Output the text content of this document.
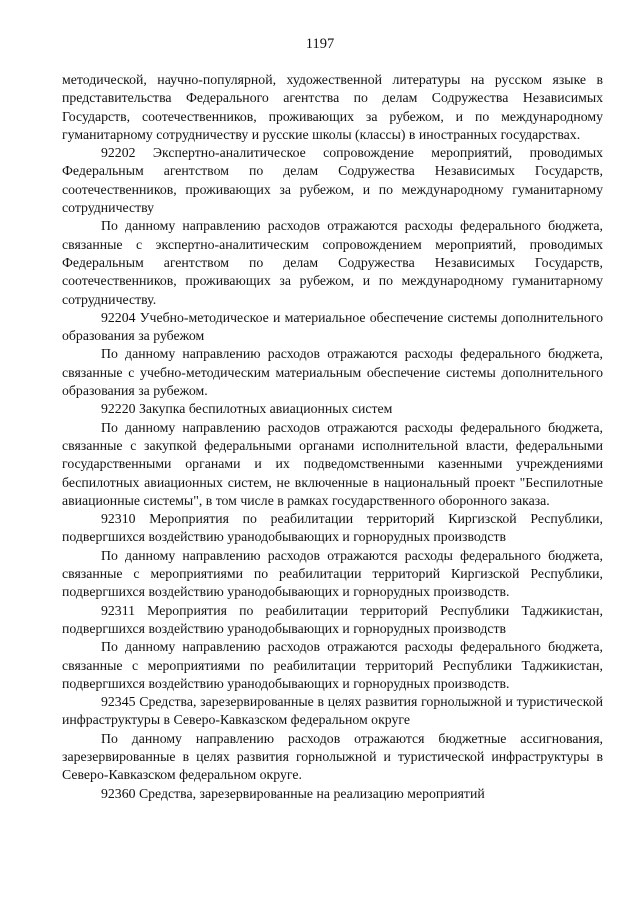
1197

методической, научно-популярной, художественной литературы на русском языке в представительства Федерального агентства по делам Содружества Независимых Государств, соотечественников, проживающих за рубежом, и по международному гуманитарному сотрудничеству и русские школы (классы) в иностранных государствах.

92202 Экспертно-аналитическое сопровождение мероприятий, проводимых Федеральным агентством по делам Содружества Независимых Государств, соотечественников, проживающих за рубежом, и по международному гуманитарному сотрудничеству

По данному направлению расходов отражаются расходы федерального бюджета, связанные с экспертно-аналитическим сопровождением мероприятий, проводимых Федеральным агентством по делам Содружества Независимых Государств, соотечественников, проживающих за рубежом, и по международному гуманитарному сотрудничеству.

92204 Учебно-методическое и материальное обеспечение системы дополнительного образования за рубежом

По данному направлению расходов отражаются расходы федерального бюджета, связанные с учебно-методическим материальным обеспечение системы дополнительного образования за рубежом.

92220 Закупка беспилотных авиационных систем

По данному направлению расходов отражаются расходы федерального бюджета, связанные с закупкой федеральными органами исполнительной власти, федеральными государственными органами и их подведомственными казенными учреждениями беспилотных авиационных систем, не включенные в национальный проект "Беспилотные авиационные системы", в том числе в рамках государственного оборонного заказа.

92310 Мероприятия по реабилитации территорий Киргизской Республики, подвергшихся воздействию уранодобывающих и горнорудных производств

По данному направлению расходов отражаются расходы федерального бюджета, связанные с мероприятиями по реабилитации территорий Киргизской Республики, подвергшихся воздействию уранодобывающих и горнорудных производств.

92311 Мероприятия по реабилитации территорий Республики Таджикистан, подвергшихся воздействию уранодобывающих и горнорудных производств

По данному направлению расходов отражаются расходы федерального бюджета, связанные с мероприятиями по реабилитации территорий Республики Таджикистан, подвергшихся воздействию уранодобывающих и горнорудных производств.

92345 Средства, зарезервированные в целях развития горнолыжной и туристической инфраструктуры в Северо-Кавказском федеральном округе

По данному направлению расходов отражаются бюджетные ассигнования, зарезервированные в целях развития горнолыжной и туристической инфраструктуры в Северо-Кавказском федеральном округе.

92360 Средства, зарезервированные на реализацию мероприятий
